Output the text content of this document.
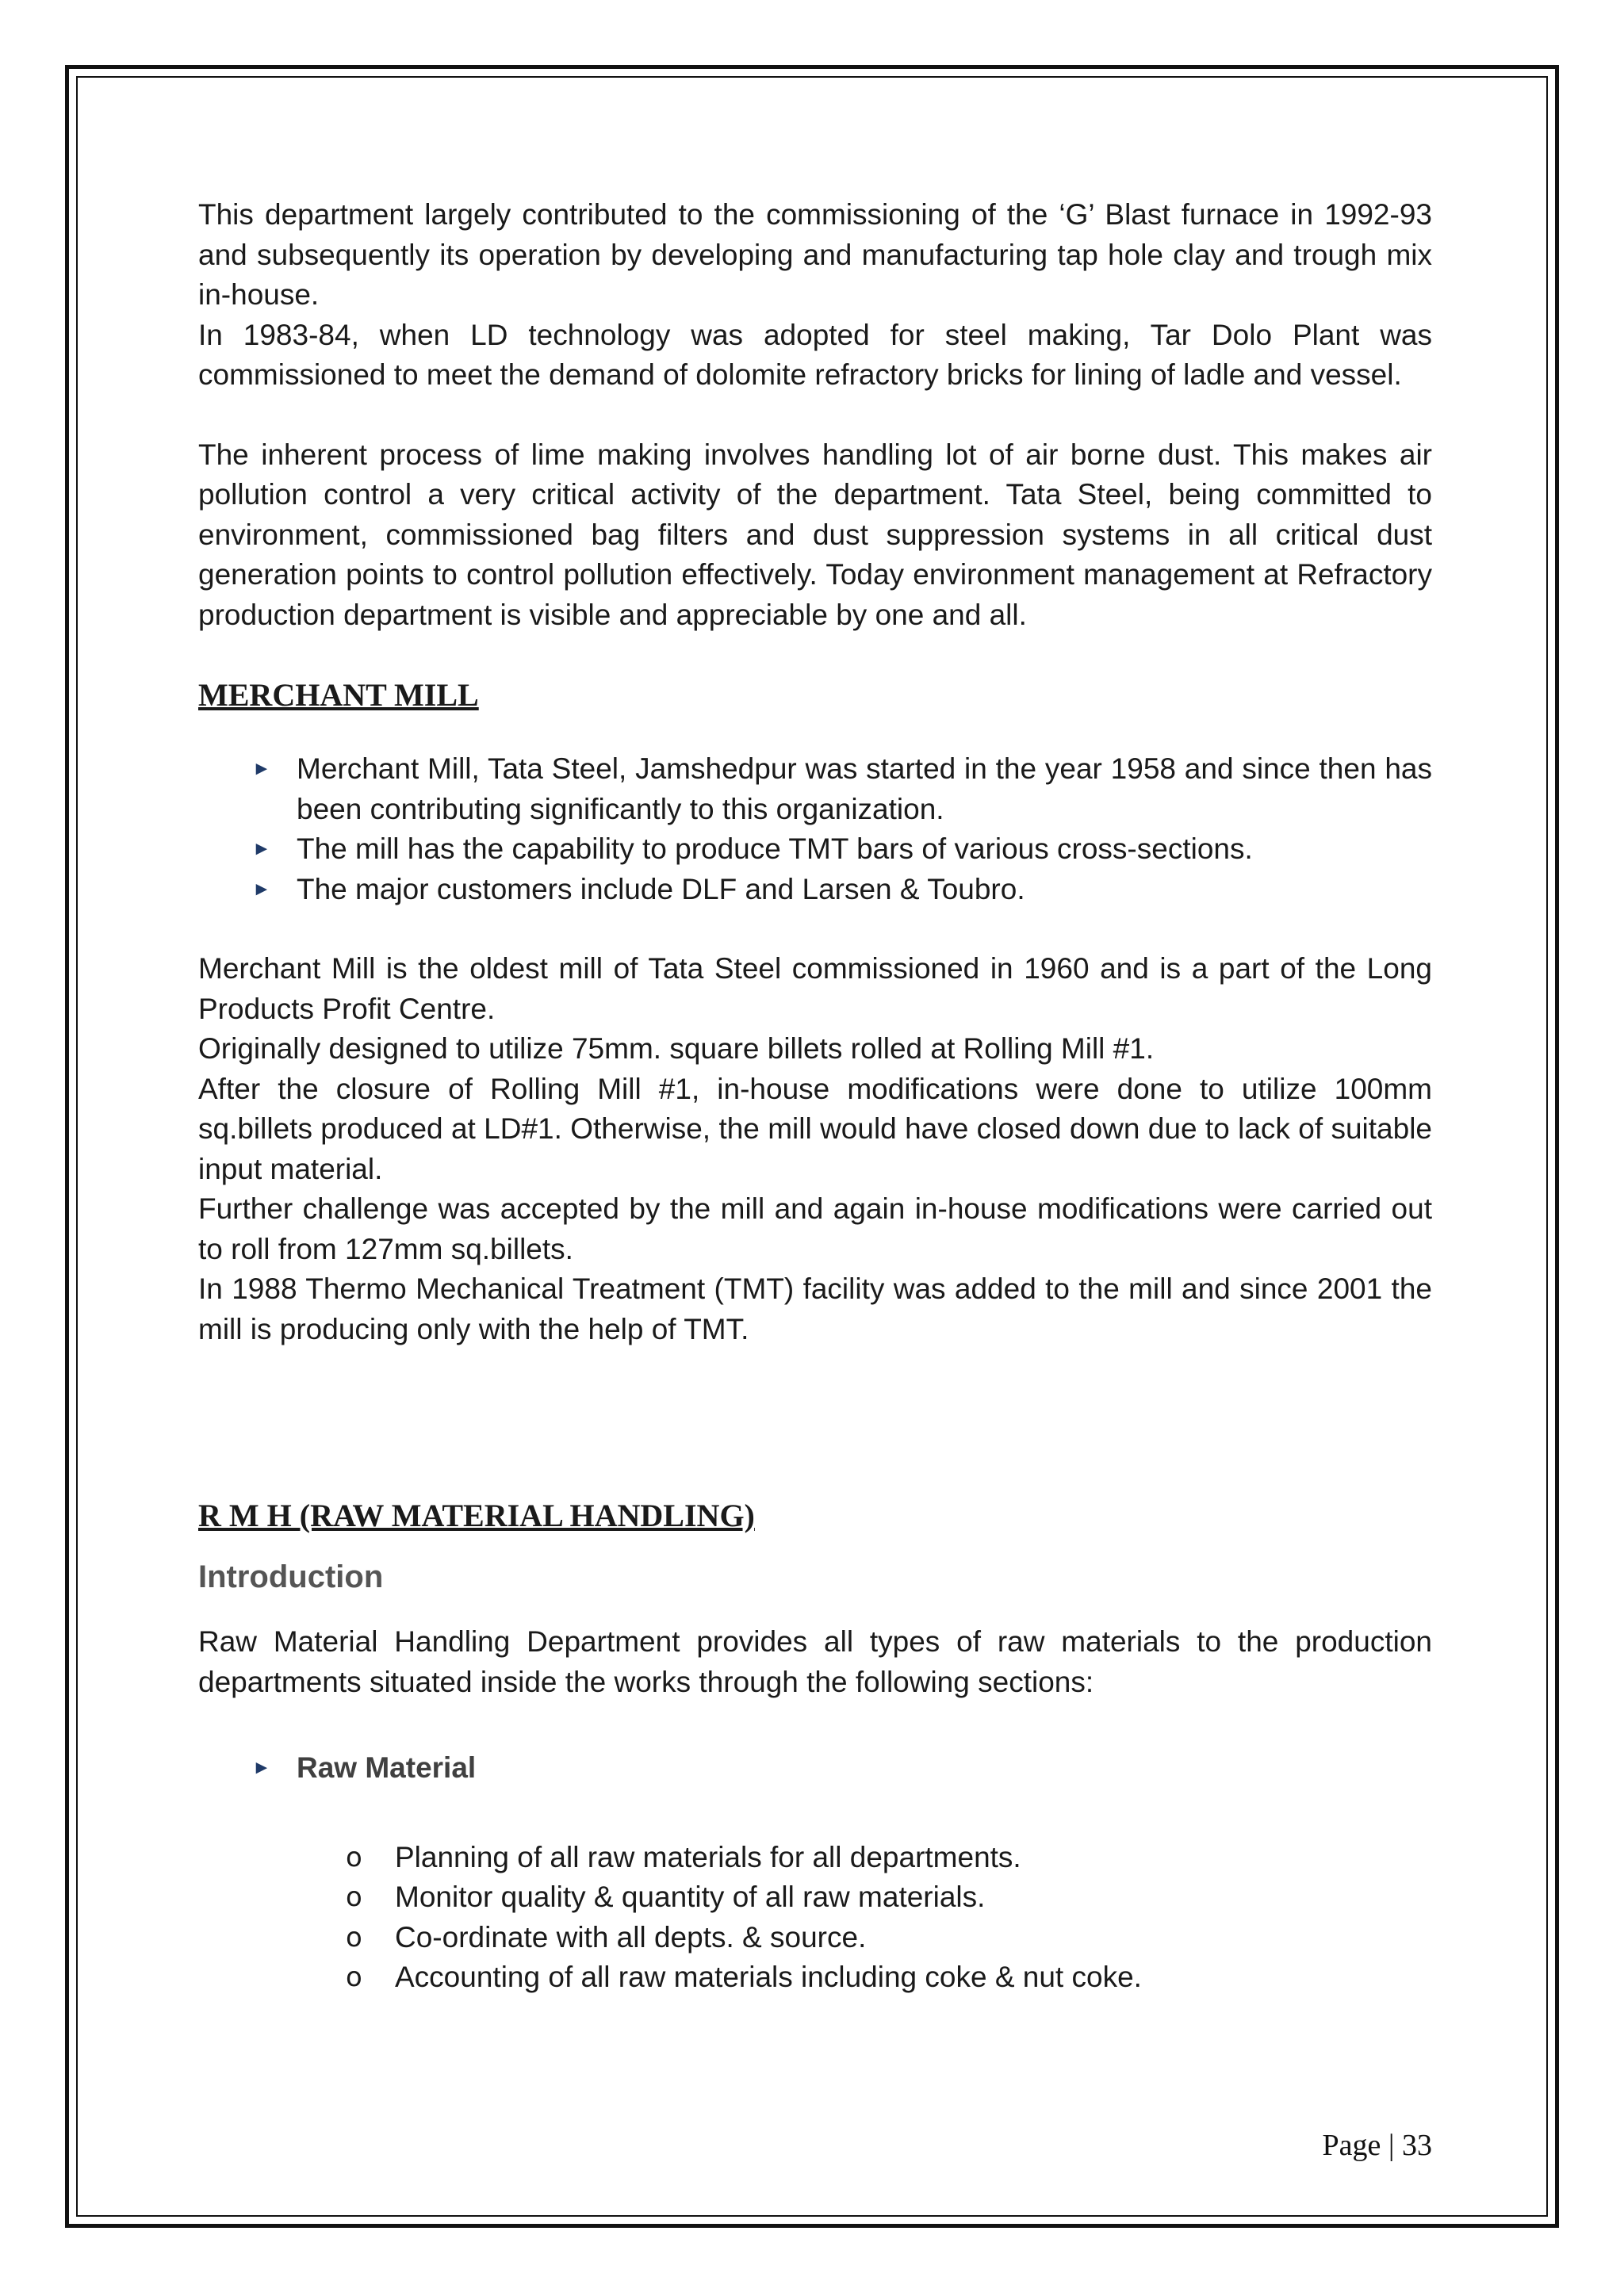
This department largely contributed to the commissioning of the ‘G’ Blast furnace in 1992-93 and subsequently its operation by developing and manufacturing tap hole clay and trough mix in-house.

In 1983-84, when LD technology was adopted for steel making, Tar Dolo Plant was commissioned to meet the demand of dolomite refractory bricks for lining of ladle and vessel.

The inherent process of lime making involves handling lot of air borne dust. This makes air pollution control a very critical activity of the department. Tata Steel, being committed to environment, commissioned bag filters and dust suppression systems in all critical dust generation points to control pollution effectively. Today environment management at Refractory production department is visible and appreciable by one and all.

MERCHANT MILL
► Merchant Mill, Tata Steel, Jamshedpur was started in the year 1958 and since then has been contributing significantly to this organization.
► The mill has the capability to produce TMT bars of various cross-sections.
► The major customers include DLF and Larsen & Toubro.

Merchant Mill is the oldest mill of Tata Steel commissioned in 1960 and is a part of the Long Products Profit Centre.

Originally designed to utilize 75mm. square billets rolled at Rolling Mill #1.

After the closure of Rolling Mill #1, in-house modifications were done to utilize 100mm sq.billets produced at LD#1. Otherwise, the mill would have closed down due to lack of suitable input material.

Further challenge was accepted by the mill and again in-house modifications were carried out to roll from 127mm sq.billets.

In 1988 Thermo Mechanical Treatment (TMT) facility was added to the mill and since 2001 the mill is producing only with the help of TMT.

R M H (RAW MATERIAL HANDLING)
Introduction

Raw Material Handling Department provides all types of raw materials to the production departments situated inside the works through the following sections:

► Raw Material
o Planning of all raw materials for all departments.
o Monitor quality & quantity of all raw materials.
o Co-ordinate with all depts. & source.
o Accounting of all raw materials including coke & nut coke.
Page | 33
